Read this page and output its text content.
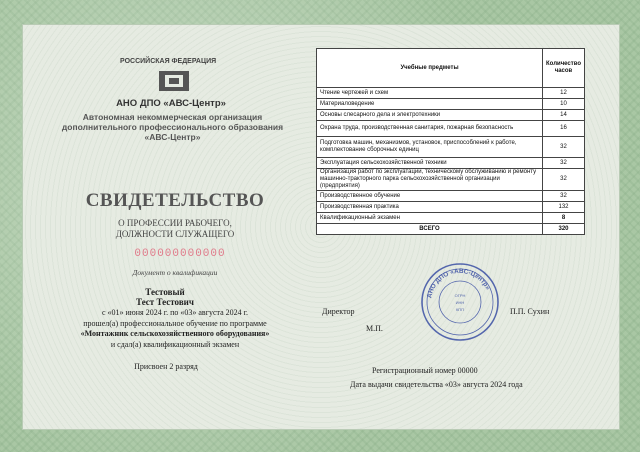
РОССИЙСКАЯ ФЕДЕРАЦИЯ
АНО ДПО «АВС-Центр»
Автономная некоммерческая организация
дополнительного профессионального образования
«АВС-Центр»
СВИДЕТЕЛЬСТВО
О ПРОФЕССИИ РАБОЧЕГО,
ДОЛЖНОСТИ СЛУЖАЩЕГО
000000000000
Документ о квалификации
Тестовый
Тест Тестович
с «01» июня 2024 г. по «03» августа 2024 г.
прошел(а) профессиональное обучение по программе
«Монтажник сельскохозяйственного оборудования»
и сдал(а) квалификационный экзамен
Присвоен 2 разряд
Учебные предметы	Количество часов
Чтение чертежей и схем	12
Материаловедение	10
Основы слесарного дела и электротехники	14
Охрана труда, производственная санитария, пожарная безопасность	16
Подготовка машин, механизмов, установок, приспособлений к работе, комплектование сборочных единиц	32
Эксплуатация сельскохозяйственной техники	32
Организация работ по эксплуатации, техническому обслуживанию и ремонту машинно-тракторного парка сельскохозяйственной организации (предприятия)	32
Производственное обучение	32
Производственная практика	132
Квалификационный экзамен	8
ВСЕГО	320
АНО ДПО «АВС-Центр»
ОГРН
ИНН
КПП
Директор
М.П.
П.П. Сухин
Регистрационный номер 00000
Дата выдачи свидетельства «03» августа 2024 года
